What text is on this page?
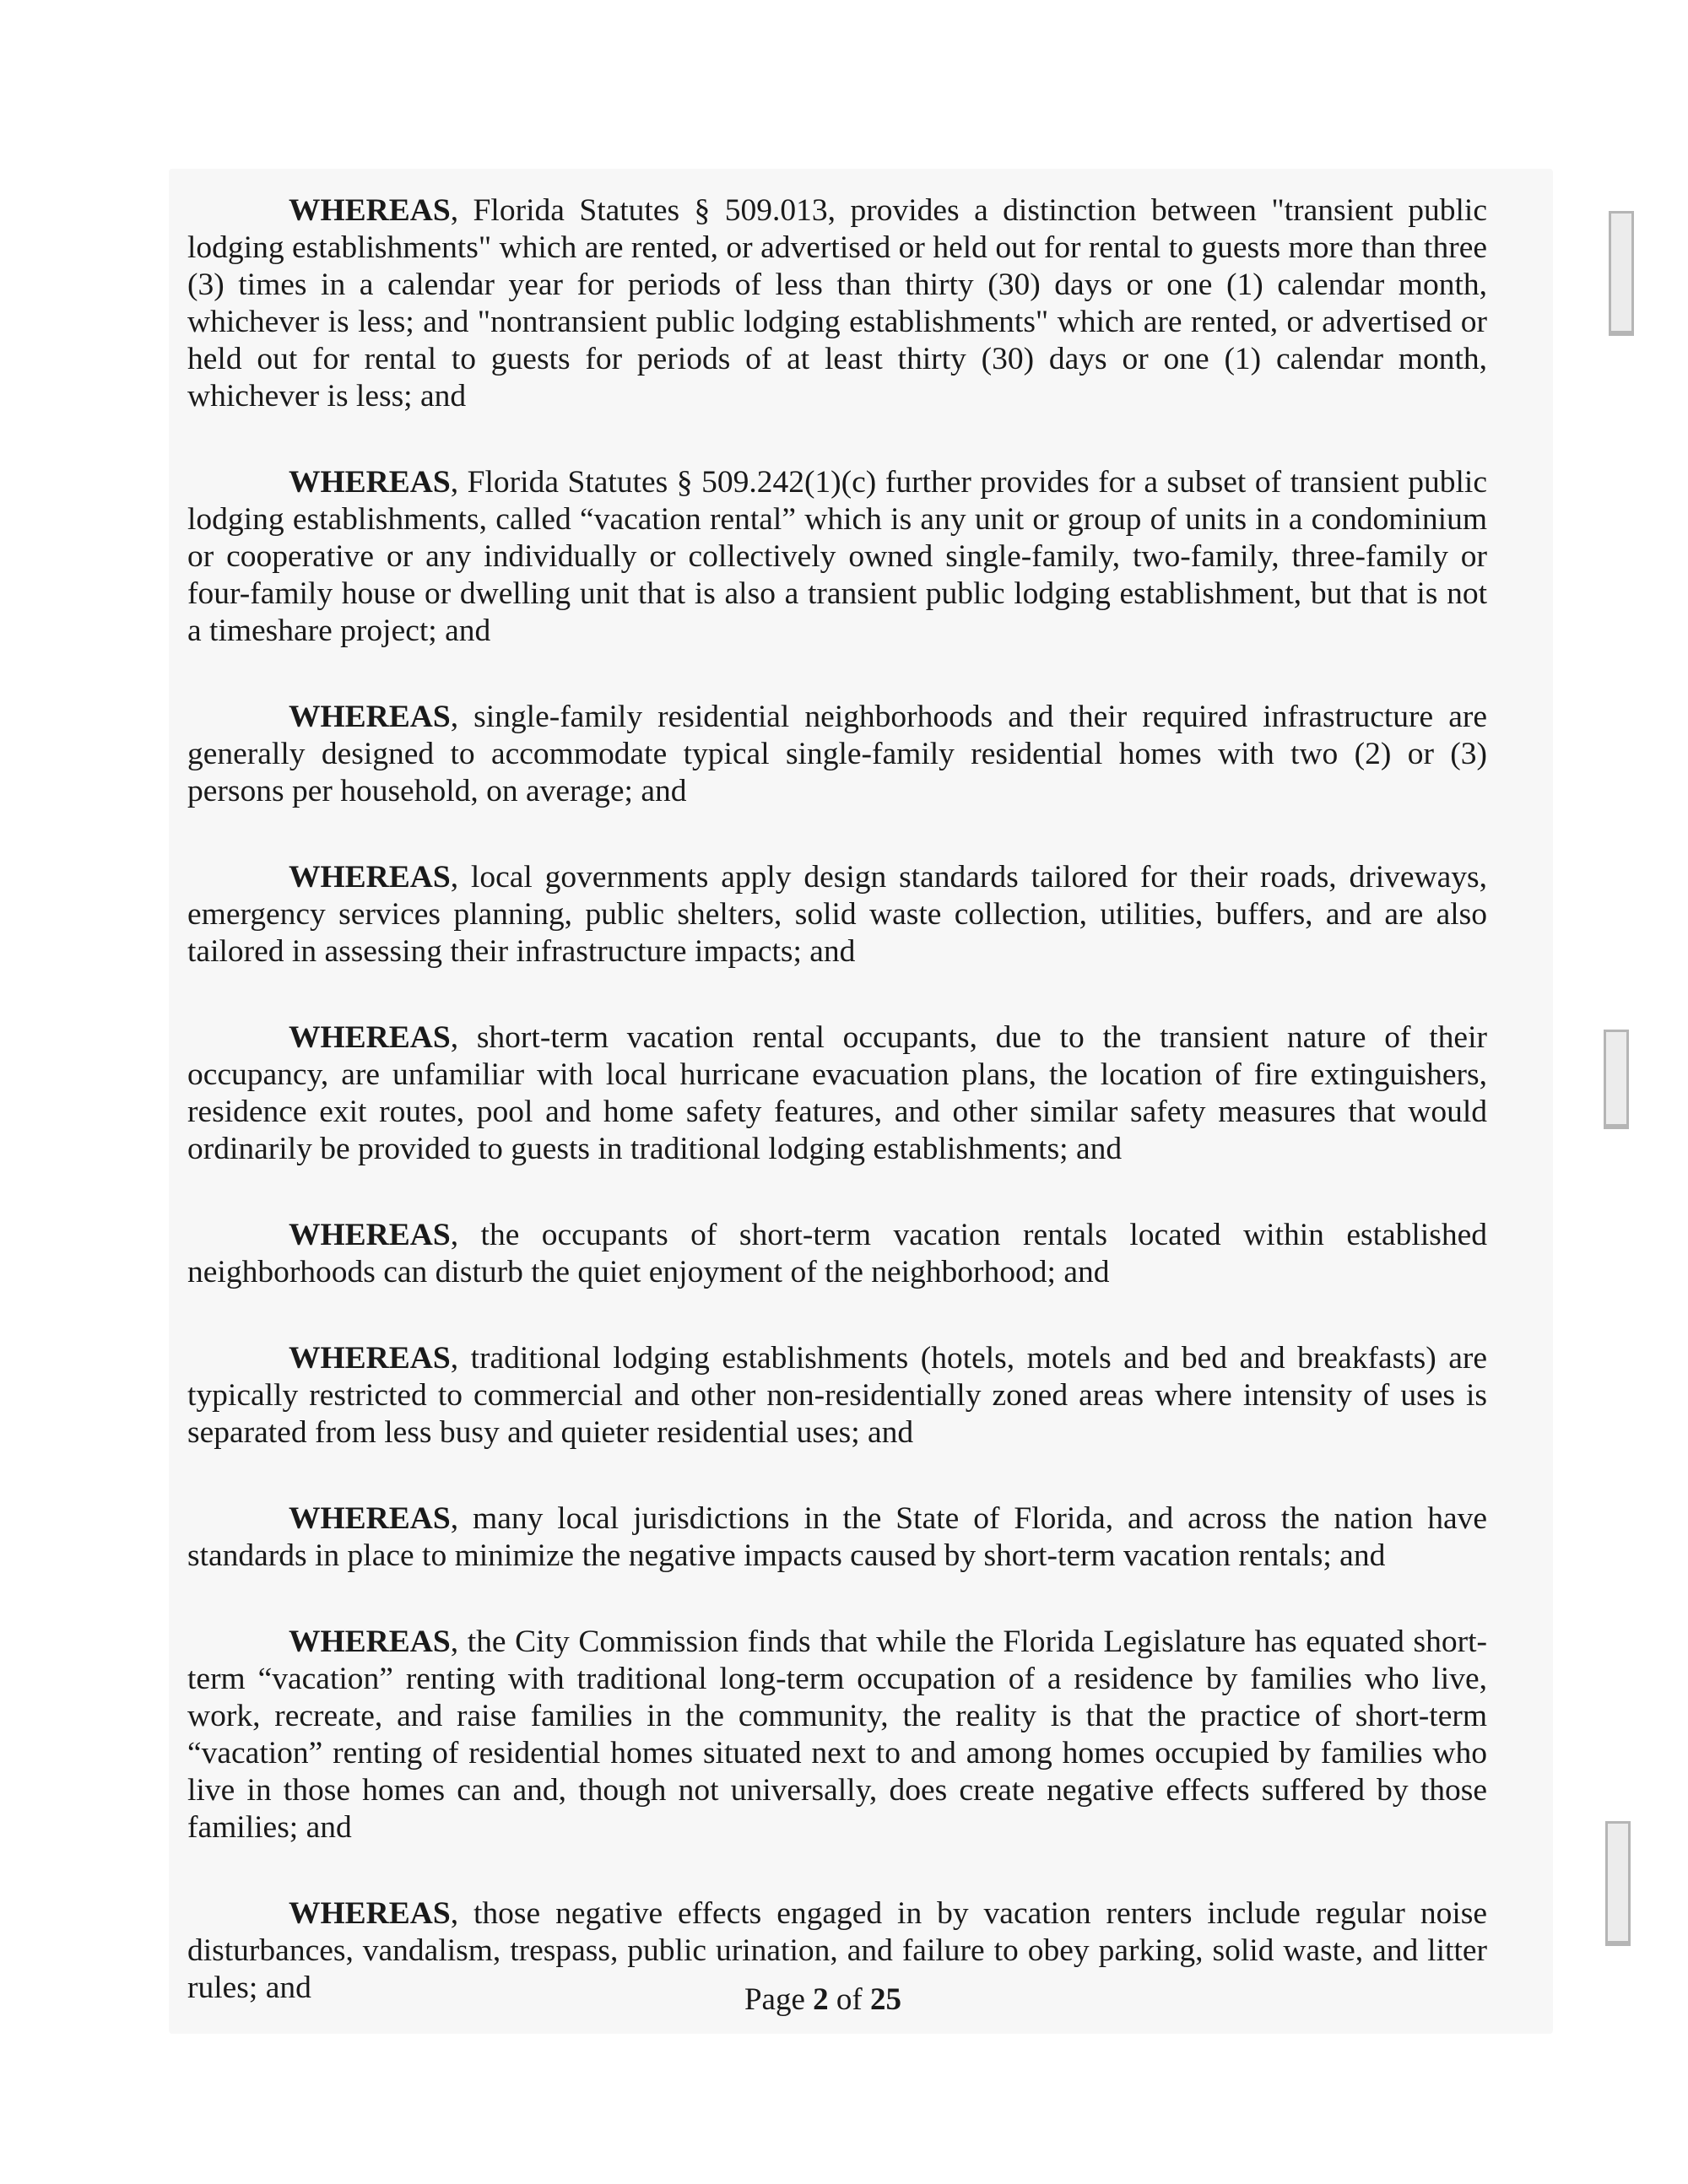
WHEREAS, Florida Statutes § 509.013, provides a distinction between "transient public lodging establishments" which are rented, or advertised or held out for rental to guests more than three (3) times in a calendar year for periods of less than thirty (30) days or one (1) calendar month, whichever is less; and "nontransient public lodging establishments" which are rented, or advertised or held out for rental to guests for periods of at least thirty (30) days or one (1) calendar month, whichever is less; and

WHEREAS, Florida Statutes § 509.242(1)(c) further provides for a subset of transient public lodging establishments, called “vacation rental” which is any unit or group of units in a condominium or cooperative or any individually or collectively owned single-family, two-family, three-family or four-family house or dwelling unit that is also a transient public lodging establishment, but that is not a timeshare project; and

WHEREAS, single-family residential neighborhoods and their required infrastructure are generally designed to accommodate typical single-family residential homes with two (2) or (3) persons per household, on average; and

WHEREAS, local governments apply design standards tailored for their roads, driveways, emergency services planning, public shelters, solid waste collection, utilities, buffers, and are also tailored in assessing their infrastructure impacts; and

WHEREAS, short-term vacation rental occupants, due to the transient nature of their occupancy, are unfamiliar with local hurricane evacuation plans, the location of fire extinguishers, residence exit routes, pool and home safety features, and other similar safety measures that would ordinarily be provided to guests in traditional lodging establishments; and

WHEREAS, the occupants of short-term vacation rentals located within established neighborhoods can disturb the quiet enjoyment of the neighborhood; and

WHEREAS, traditional lodging establishments (hotels, motels and bed and breakfasts) are typically restricted to commercial and other non-residentially zoned areas where intensity of uses is separated from less busy and quieter residential uses; and

WHEREAS, many local jurisdictions in the State of Florida, and across the nation have standards in place to minimize the negative impacts caused by short-term vacation rentals; and

WHEREAS, the City Commission finds that while the Florida Legislature has equated short-term “vacation” renting with traditional long-term occupation of a residence by families who live, work, recreate, and raise families in the community, the reality is that the practice of short-term “vacation” renting of residential homes situated next to and among homes occupied by families who live in those homes can and, though not universally, does create negative effects suffered by those families; and

WHEREAS, those negative effects engaged in by vacation renters include regular noise disturbances, vandalism, trespass, public urination, and failure to obey parking, solid waste, and litter rules; and	Page 2 of 25
